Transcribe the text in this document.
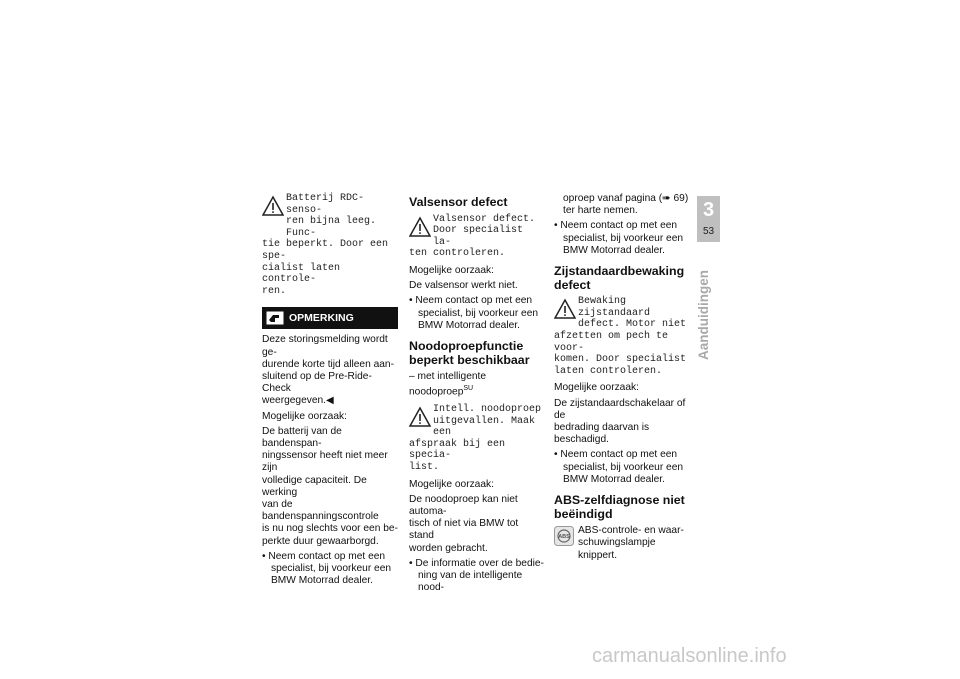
Batterij RDC- senso-
ren bijna leeg. Func-
tie beperkt. Door een spe-
cialist laten controle-
ren.
OPMERKING

Deze storingsmelding wordt ge-
durende korte tijd alleen aan-
sluitend op de Pre-Ride-Check
weergegeven.◀

Mogelijke oorzaak:

De batterij van de bandenspan-
ningssensor heeft niet meer zijn
volledige capaciteit. De werking
van de bandenspanningscontrole
is nu nog slechts voor een be-
perkte duur gewaarborgd.

• Neem contact op met een
specialist, bij voorkeur een
BMW Motorrad dealer.

Valsensor defect
Valsensor defect.
Door specialist la-
ten controleren.

Mogelijke oorzaak:

De valsensor werkt niet.

• Neem contact op met een
specialist, bij voorkeur een
BMW Motorrad dealer.

Noodoproepfunctie
beperkt beschikbaar

– met intelligente noodoproep$^{SU}$

Intell. noodoproep
uitgevallen. Maak een
afspraak bij een specia-
list.

Mogelijke oorzaak:

De noodoproep kan niet automa-
tisch of niet via BMW tot stand
worden gebracht.

• De informatie over de bedie-
ning van de intelligente nood-

oproep vanaf pagina (➠ 69)
ter harte nemen.

• Neem contact op met een
specialist, bij voorkeur een
BMW Motorrad dealer.

Zijstandaardbewaking
defect
Bewaking zijstandaard
defect. Motor niet
afzetten om pech te voor-
komen. Door specialist
laten controleren.

Mogelijke oorzaak:

De zijstandaardschakelaar of de
bedrading daarvan is beschadigd.

• Neem contact op met een
specialist, bij voorkeur een
BMW Motorrad dealer.

ABS-zelfdiagnose niet
beëindigd
ABS

ABS-controle- en waar-
schuwingslampje knippert.

3
53
Aanduidingen
carmanualsonline.info
